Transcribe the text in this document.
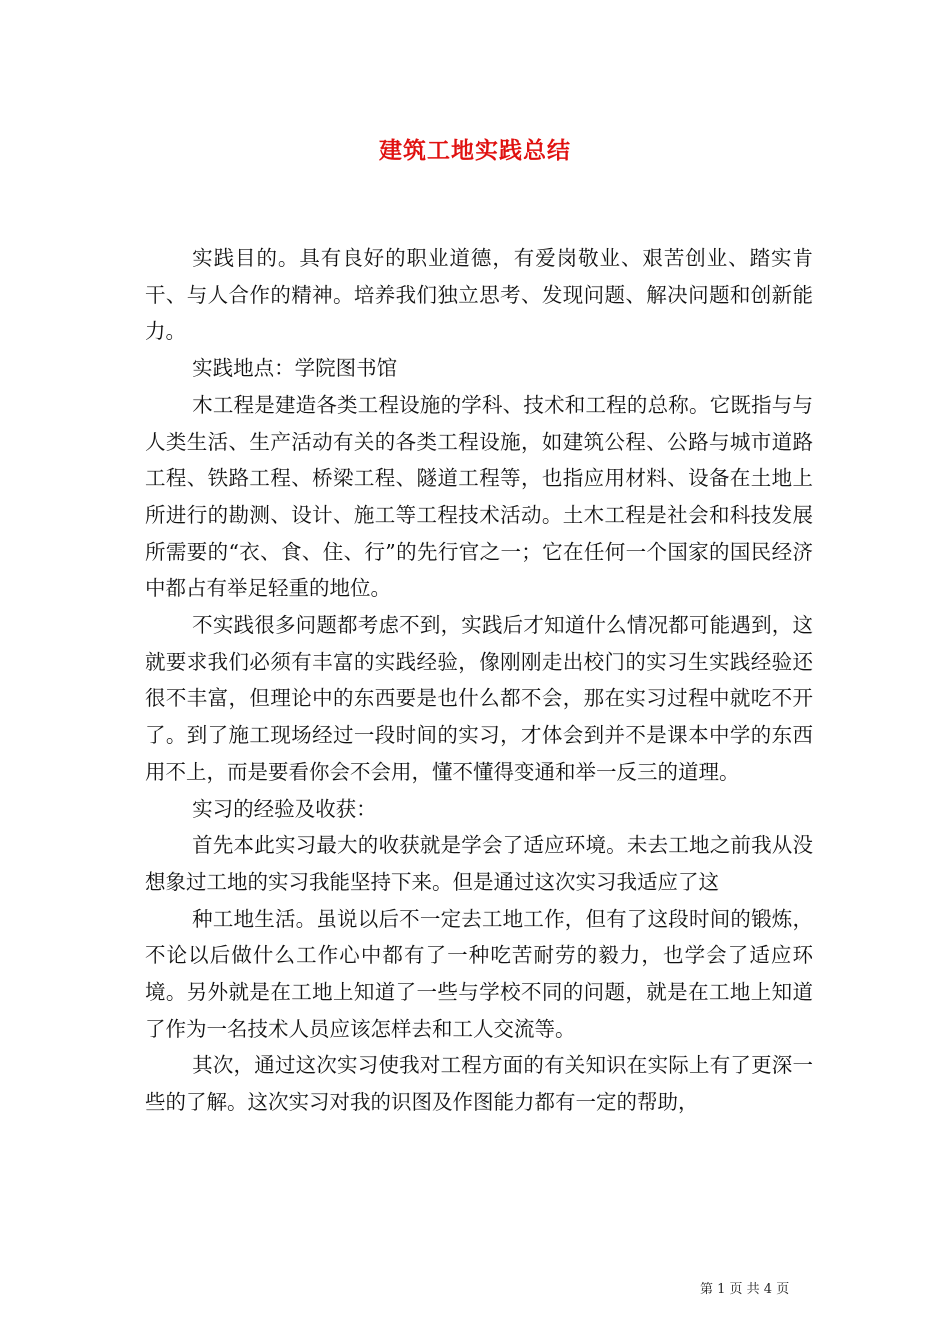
建筑工地实践总结

实践目的。具有良好的职业道德，有爱岗敬业、艰苦创业、踏实肯干、与人合作的精神。培养我们独立思考、发现问题、解决问题和创新能力。

实践地点：学院图书馆

木工程是建造各类工程设施的学科、技术和工程的总称。它既指与与人类生活、生产活动有关的各类工程设施，如建筑公程、公路与城市道路工程、铁路工程、桥梁工程、隧道工程等，也指应用材料、设备在土地上所进行的勘测、设计、施工等工程技术活动。土木工程是社会和科技发展所需要的“衣、食、住、行”的先行官之一；它在任何一个国家的国民经济中都占有举足轻重的地位。

不实践很多问题都考虑不到，实践后才知道什么情况都可能遇到，这就要求我们必须有丰富的实践经验，像刚刚走出校门的实习生实践经验还很不丰富，但理论中的东西要是也什么都不会，那在实习过程中就吃不开了。到了施工现场经过一段时间的实习，才体会到并不是课本中学的东西用不上，而是要看你会不会用，懂不懂得变通和举一反三的道理。

实习的经验及收获：

首先本此实习最大的收获就是学会了适应环境。未去工地之前我从没想象过工地的实习我能坚持下来。但是通过这次实习我适应了这

种工地生活。虽说以后不一定去工地工作，但有了这段时间的锻炼，不论以后做什么工作心中都有了一种吃苦耐劳的毅力，也学会了适应环境。另外就是在工地上知道了一些与学校不同的问题，就是在工地上知道了作为一名技术人员应该怎样去和工人交流等。

其次，通过这次实习使我对工程方面的有关知识在实际上有了更深一些的了解。这次实习对我的识图及作图能力都有一定的帮助，

第 1 页 共 4 页
